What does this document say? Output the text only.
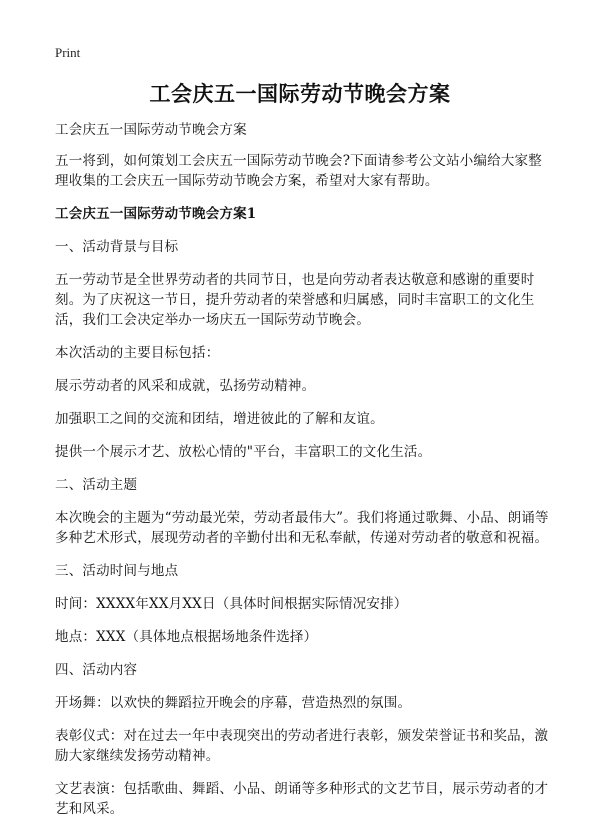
Print
工会庆五一国际劳动节晚会方案

工会庆五一国际劳动节晚会方案

五一将到，如何策划工会庆五一国际劳动节晚会?下面请参考公文站小编给大家整理收集的工会庆五一国际劳动节晚会方案，希望对大家有帮助。

工会庆五一国际劳动节晚会方案1

一、活动背景与目标

五一劳动节是全世界劳动者的共同节日，也是向劳动者表达敬意和感谢的重要时刻。为了庆祝这一节日，提升劳动者的荣誉感和归属感，同时丰富职工的文化生活，我们工会决定举办一场庆五一国际劳动节晚会。

本次活动的主要目标包括：

展示劳动者的风采和成就，弘扬劳动精神。

加强职工之间的交流和团结，增进彼此的了解和友谊。

提供一个展示才艺、放松心情的"平台，丰富职工的文化生活。

二、活动主题

本次晚会的主题为“劳动最光荣，劳动者最伟大”。我们将通过歌舞、小品、朗诵等多种艺术形式，展现劳动者的辛勤付出和无私奉献，传递对劳动者的敬意和祝福。

三、活动时间与地点

时间：XXXX年XX月XX日（具体时间根据实际情况安排）

地点：XXX（具体地点根据场地条件选择）

四、活动内容

开场舞：以欢快的舞蹈拉开晚会的序幕，营造热烈的氛围。

表彰仪式：对在过去一年中表现突出的劳动者进行表彰，颁发荣誉证书和奖品，激励大家继续发扬劳动精神。

文艺表演：包括歌曲、舞蹈、小品、朗诵等多种形式的文艺节目，展示劳动者的才艺和风采。
